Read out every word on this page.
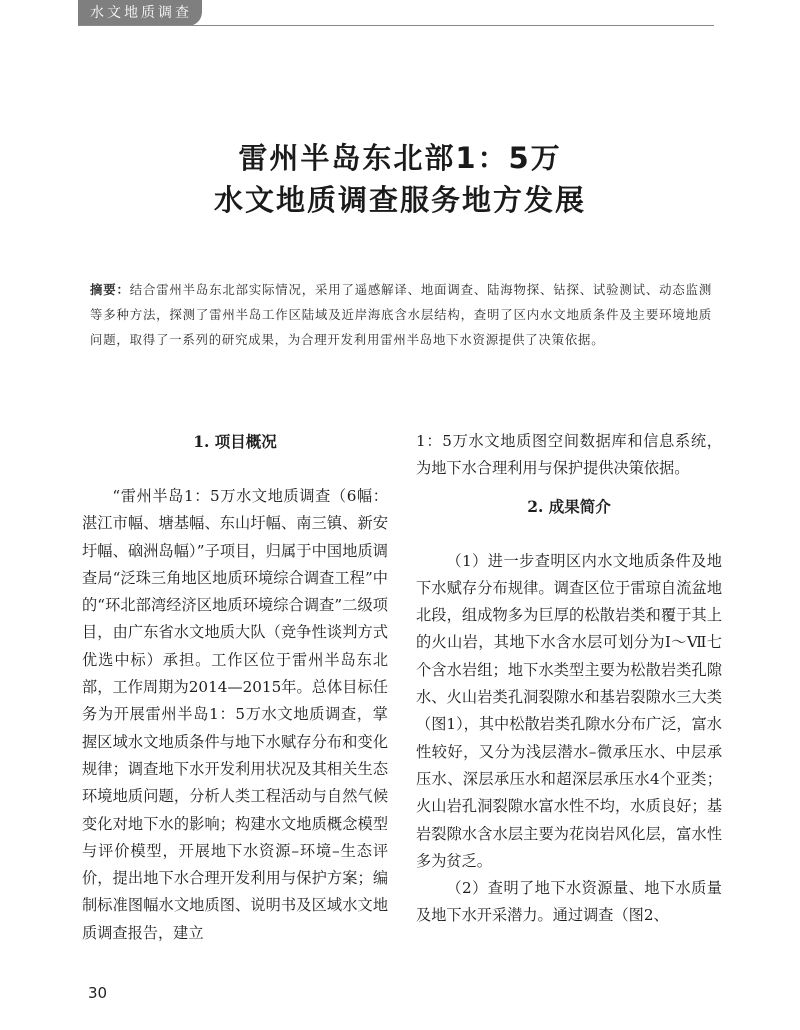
水文地质调查
雷州半岛东北部1：5万
水文地质调查服务地方发展
摘要：结合雷州半岛东北部实际情况，采用了遥感解译、地面调查、陆海物探、钻探、试验测试、动态监测等多种方法，探测了雷州半岛工作区陆域及近岸海底含水层结构，查明了区内水文地质条件及主要环境地质问题，取得了一系列的研究成果，为合理开发利用雷州半岛地下水资源提供了决策依据。
1. 项目概况

“雷州半岛1：5万水文地质调查（6幅：湛江市幅、塘基幅、东山圩幅、南三镇、新安圩幅、硇洲岛幅）”子项目，归属于中国地质调查局“泛珠三角地区地质环境综合调查工程”中的“环北部湾经济区地质环境综合调查”二级项目，由广东省水文地质大队（竞争性谈判方式优选中标）承担。工作区位于雷州半岛东北部，工作周期为2014—2015年。总体目标任务为开展雷州半岛1：5万水文地质调查，掌握区域水文地质条件与地下水赋存分布和变化规律；调查地下水开发利用状况及其相关生态环境地质问题，分析人类工程活动与自然气候变化对地下水的影响；构建水文地质概念模型与评价模型，开展地下水资源–环境–生态评价，提出地下水合理开发利用与保护方案；编制标准图幅水文地质图、说明书及区域水文地质调查报告，建立

1：5万水文地质图空间数据库和信息系统，为地下水合理利用与保护提供决策依据。

2. 成果简介

（1）进一步查明区内水文地质条件及地下水赋存分布规律。调查区位于雷琼自流盆地北段，组成物多为巨厚的松散岩类和覆于其上的火山岩，其地下水含水层可划分为Ⅰ～Ⅶ七个含水岩组；地下水类型主要为松散岩类孔隙水、火山岩类孔洞裂隙水和基岩裂隙水三大类（图1），其中松散岩类孔隙水分布广泛，富水性较好，又分为浅层潜水–微承压水、中层承压水、深层承压水和超深层承压水4个亚类；火山岩孔洞裂隙水富水性不均，水质良好；基岩裂隙水含水层主要为花岗岩风化层，富水性多为贫乏。

（2）查明了地下水资源量、地下水质量及地下水开采潜力。通过调查（图2、

30
